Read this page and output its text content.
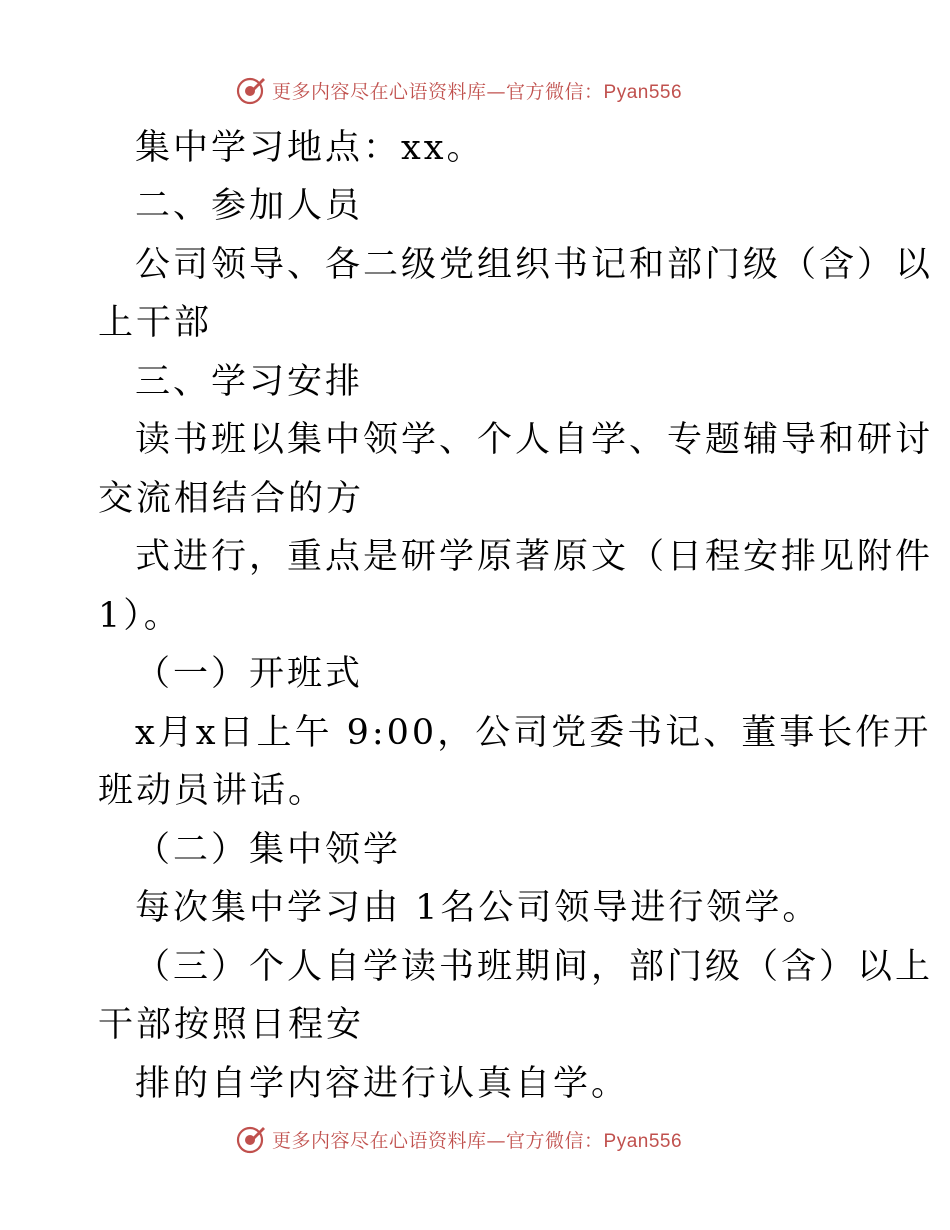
更多内容尽在心语资料库—官方微信：Pyan556
集中学习地点：xx。
二、参加人员
公司领导、各二级党组织书记和部门级（含）以
上干部
三、学习安排
读书班以集中领学、个人自学、专题辅导和研讨
交流相结合的方
式进行，重点是研学原著原文（日程安排见附件
1）。
（一）开班式
x月x日上午 9:00，公司党委书记、董事长作开
班动员讲话。
（二）集中领学
每次集中学习由 1名公司领导进行领学。
（三）个人自学读书班期间，部门级（含）以上
干部按照日程安
排的自学内容进行认真自学。
更多内容尽在心语资料库—官方微信：Pyan556
